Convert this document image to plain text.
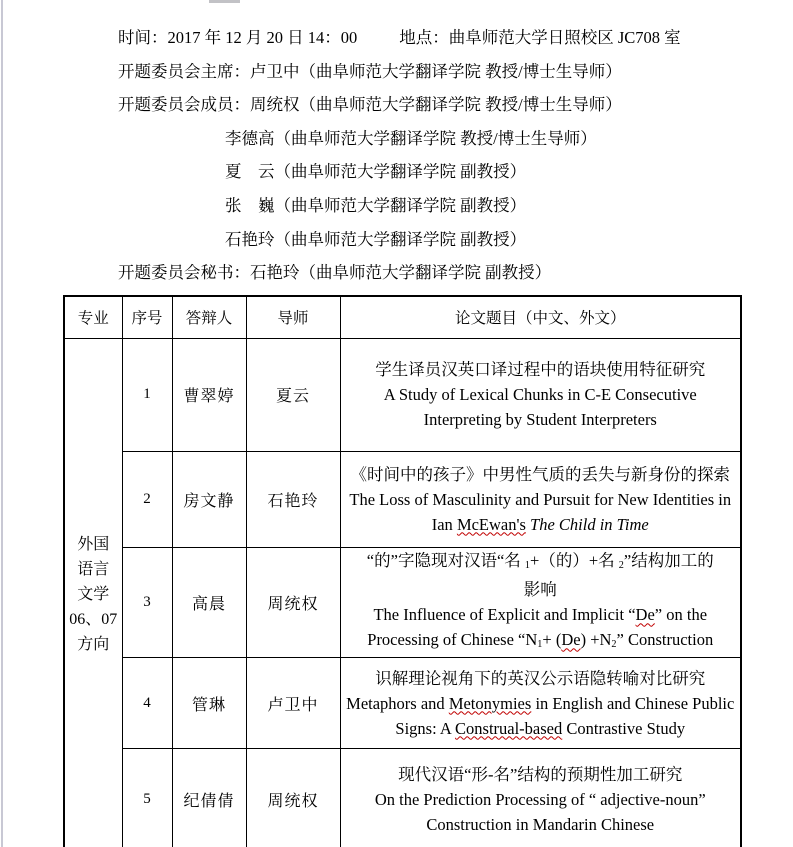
时间：2017 年 12 月 20 日 14：00	地点：曲阜师范大学日照校区 JC708 室
开题委员会主席：卢卫中（曲阜师范大学翻译学院 教授/博士生导师）
开题委员会成员：周统权（曲阜师范大学翻译学院 教授/博士生导师）
李德高（曲阜师范大学翻译学院 教授/博士生导师）
夏　云（曲阜师范大学翻译学院 副教授）
张　巍（曲阜师范大学翻译学院 副教授）
石艳玲（曲阜师范大学翻译学院 副教授）
开题委员会秘书：石艳玲（曲阜师范大学翻译学院 副教授）
专业	序号	答辩人	导师	论文题目（中文、外文）

外国
语言
文学
06、07
方向
	1	曹翠婷	夏云	
学生译员汉英口译过程中的语块使用特征研究
A Study of Lexical Chunks in C-E Consecutive
Interpreting by Student Interpreters

	2	房文静	石艳玲	《时间中的孩子》中男性气质的丢失与新身份的探索
The Loss of Masculinity and Pursuit for New Identities in
Ian McEwan's The Child in Time

	3	高晨	周统权	“的”字隐现对汉语“名 1+（的）+名 2”结构加工的
影响
The Influence of Explicit and Implicit “De” on the
Processing of Chinese “N1+ (De) +N2” Construction

	4	管琳	卢卫中	识解理论视角下的英汉公示语隐转喻对比研究
Metaphors and Metonymies in English and Chinese Public
Signs: A Construal-based Contrastive Study

	5	纪倩倩	周统权	现代汉语“形-名”结构的预期性加工研究
On the Prediction Processing of “ adjective-noun”
Construction in Mandarin Chinese
